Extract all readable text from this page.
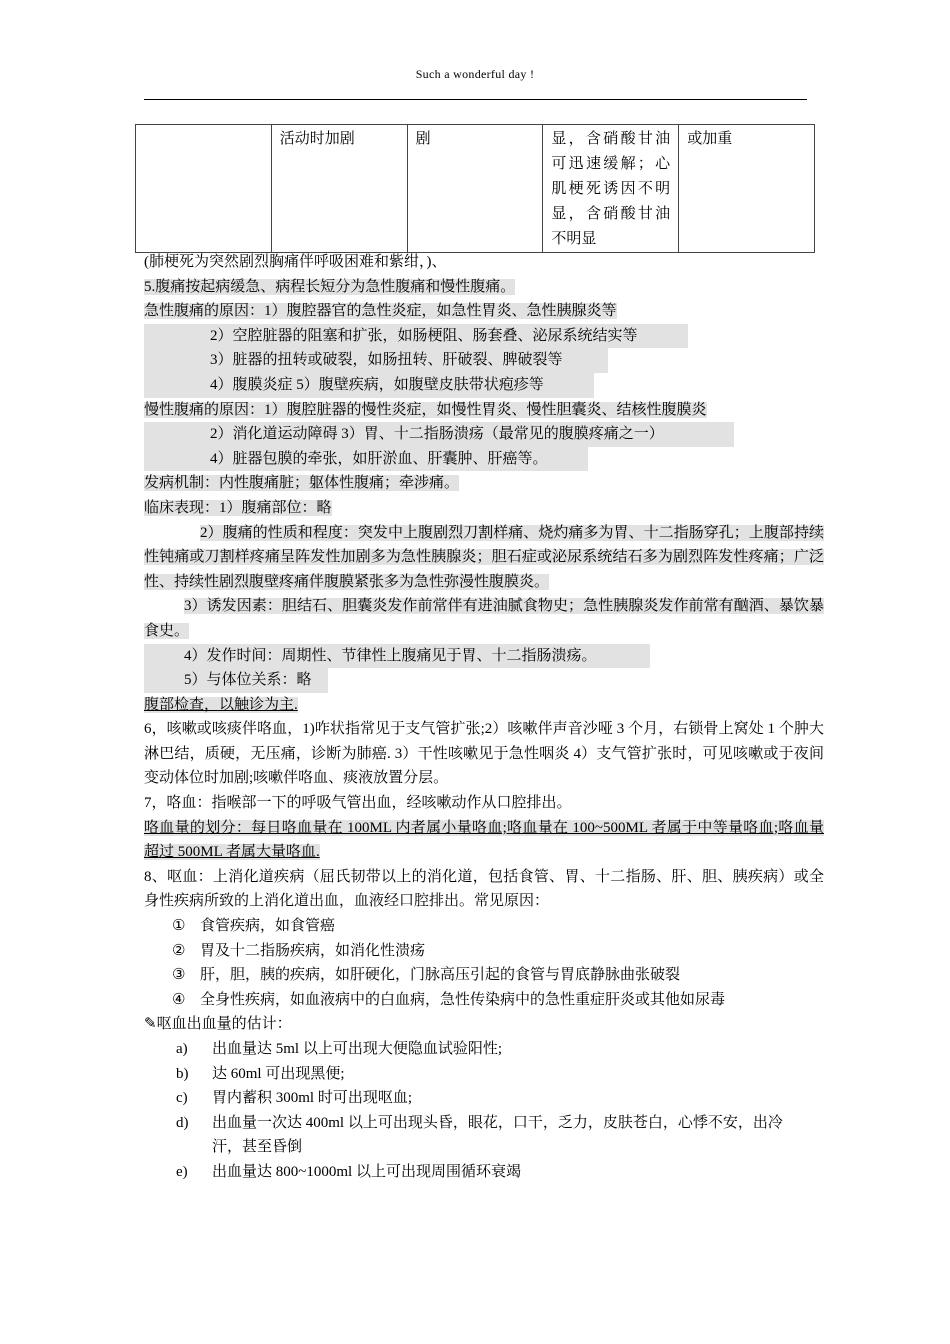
Such a wonderful day !
	活动时加剧	剧	显，含硝酸甘油可迅速缓解；心肌梗死诱因不明显，含硝酸甘油不明显	或加重
(肺梗死为突然剧烈胸痛伴呼吸困难和紫绀，)、
5.腹痛按起病缓急、病程长短分为急性腹痛和慢性腹痛。
急性腹痛的原因：1）腹腔器官的急性炎症，如急性胃炎、急性胰腺炎等
2）空腔脏器的阻塞和扩张，如肠梗阻、肠套叠、泌尿系统结实等
3）脏器的扭转或破裂，如肠扭转、肝破裂、脾破裂等
4）腹膜炎症 5）腹壁疾病，如腹壁皮肤带状疱疹等
慢性腹痛的原因：1）腹腔脏器的慢性炎症，如慢性胃炎、慢性胆囊炎、结核性腹膜炎
2）消化道运动障碍 3）胃、十二指肠溃疡（最常见的腹膜疼痛之一）
4）脏器包膜的牵张，如肝淤血、肝囊肿、肝癌等。
发病机制：内性腹痛脏；躯体性腹痛；牵涉痛。
临床表现：1）腹痛部位：略
2）腹痛的性质和程度：突发中上腹剧烈刀割样痛、烧灼痛多为胃、十二指肠穿孔；上腹部持续性钝痛或刀割样疼痛呈阵发性加剧多为急性胰腺炎；胆石症或泌尿系统结石多为剧烈阵发性疼痛；广泛性、持续性剧烈腹壁疼痛伴腹膜紧张多为急性弥漫性腹膜炎。
3）诱发因素：胆结石、胆囊炎发作前常伴有进油腻食物史；急性胰腺炎发作前常有酗酒、暴饮暴食史。
4）发作时间：周期性、节律性上腹痛见于胃、十二指肠溃疡。
5）与体位关系：略
腹部检查，以触诊为主.
6，咳嗽或咳痰伴咯血，1)咋状指常见于支气管扩张;2）咳嗽伴声音沙哑 3 个月，右锁骨上窝处 1 个肿大淋巴结，质硬，无压痛，诊断为肺癌. 3）干性咳嗽见于急性咽炎 4）支气管扩张时，可见咳嗽或于夜间变动体位时加剧;咳嗽伴咯血、痰液放置分层。
7，咯血：指喉部一下的呼吸气管出血，经咳嗽动作从口腔排出。
咯血量的划分：每日咯血量在 100ML 内者属小量咯血;咯血量在 100~500ML 者属于中等量咯血;咯血量超过 500ML 者属大量咯血.
8、呕血：上消化道疾病（屈氏韧带以上的消化道，包括食管、胃、十二指肠、肝、胆、胰疾病）或全身性疾病所致的上消化道出血，血液经口腔排出。常见原因：
① 食管疾病，如食管癌
② 胃及十二指肠疾病，如消化性溃疡
③ 肝，胆，胰的疾病，如肝硬化，门脉高压引起的食管与胃底静脉曲张破裂
④ 全身性疾病，如血液病中的白血病，急性传染病中的急性重症肝炎或其他如尿毒
✎呕血出血量的估计：
a)	出血量达 5ml 以上可出现大便隐血试验阳性;
b)	达 60ml 可出现黑便;
c)	胃内蓄积 300ml 时可出现呕血;
d)	出血量一次达 400ml 以上可出现头昏，眼花，口干，乏力，皮肤苍白，心悸不安，出冷汗，甚至昏倒
e)	出血量达 800~1000ml 以上可出现周围循环衰竭
